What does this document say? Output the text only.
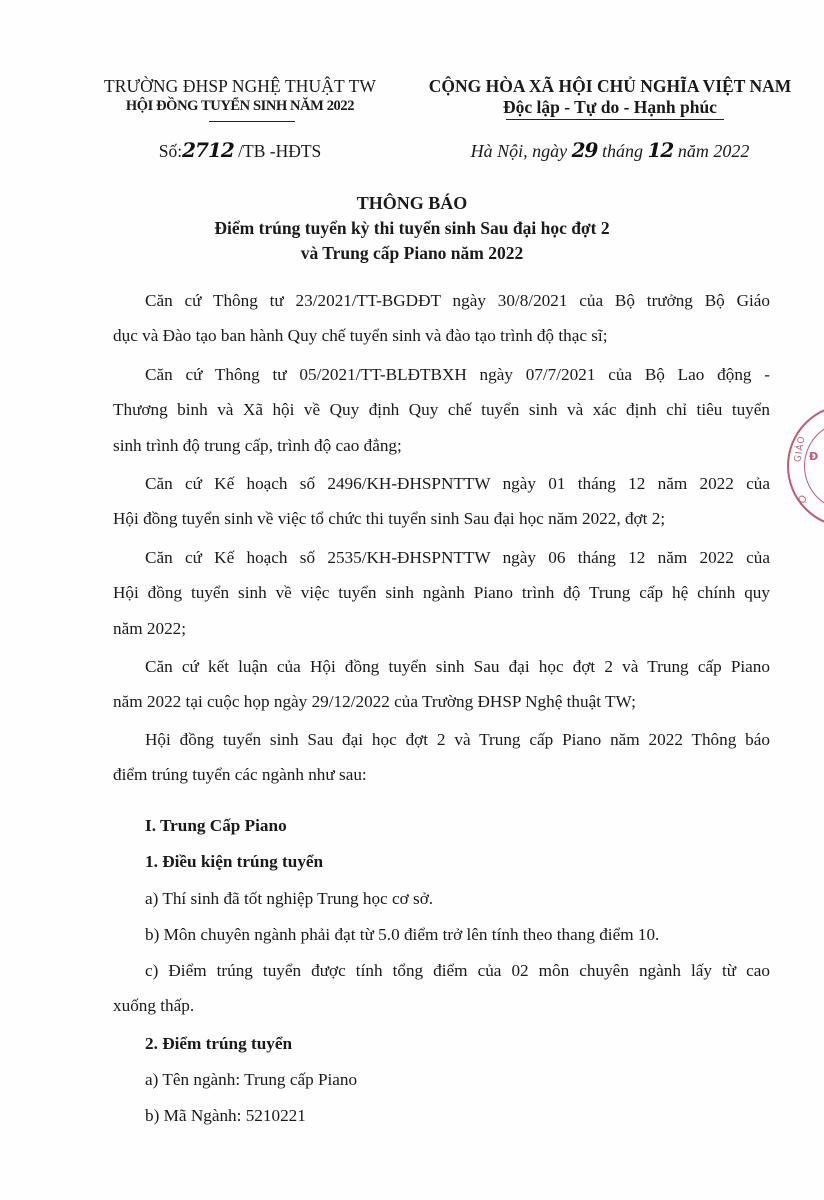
TRƯỜNG ĐHSP NGHỆ THUẬT TW
HỘI ĐỒNG TUYỂN SINH NĂM 2022
Số:2712 /TB -HĐTS
CỘNG HÒA XÃ HỘI CHỦ NGHĨA VIỆT NAM
Độc lập - Tự do - Hạnh phúc
Hà Nội, ngày 29 tháng 12 năm 2022
THÔNG BÁO
Điểm trúng tuyển kỳ thi tuyển sinh Sau đại học đợt 2
và Trung cấp Piano năm 2022
Căn cứ Thông tư 23/2021/TT-BGDĐT ngày 30/8/2021 của Bộ trưởng Bộ Giáo
dục và Đào tạo ban hành Quy chế tuyển sinh và đào tạo trình độ thạc sĩ;
Căn cứ Thông tư 05/2021/TT-BLĐTBXH ngày 07/7/2021 của Bộ Lao động -
Thương binh và Xã hội về Quy định Quy chế tuyển sinh và xác định chỉ tiêu tuyển
sinh trình độ trung cấp, trình độ cao đẳng;
Căn cứ Kế hoạch số 2496/KH-ĐHSPNTTW ngày 01 tháng 12 năm 2022 của
Hội đồng tuyển sinh về việc tổ chức thi tuyển sinh Sau đại học năm 2022, đợt 2;
Căn cứ Kế hoạch số 2535/KH-ĐHSPNTTW ngày 06 tháng 12 năm 2022 của
Hội đồng tuyển sinh về việc tuyển sinh ngành Piano trình độ Trung cấp hệ chính quy
năm 2022;
Căn cứ kết luận của Hội đồng tuyển sinh Sau đại học đợt 2 và Trung cấp Piano
năm 2022 tại cuộc họp ngày 29/12/2022 của Trường ĐHSP Nghệ thuật TW;
Hội đồng tuyển sinh Sau đại học đợt 2 và Trung cấp Piano năm 2022 Thông báo
điểm trúng tuyển các ngành như sau:
I. Trung Cấp Piano
1. Điều kiện trúng tuyển
a) Thí sinh đã tốt nghiệp Trung học cơ sở.
b) Môn chuyên ngành phải đạt từ 5.0 điểm trở lên tính theo thang điểm 10.
c) Điểm trúng tuyển được tính tổng điểm của 02 môn chuyên ngành lấy từ cao
xuống thấp.
2. Điểm trúng tuyển
a) Tên ngành: Trung cấp Piano
b) Mã Ngành: 5210221
GIÁO Đ
Ọ
